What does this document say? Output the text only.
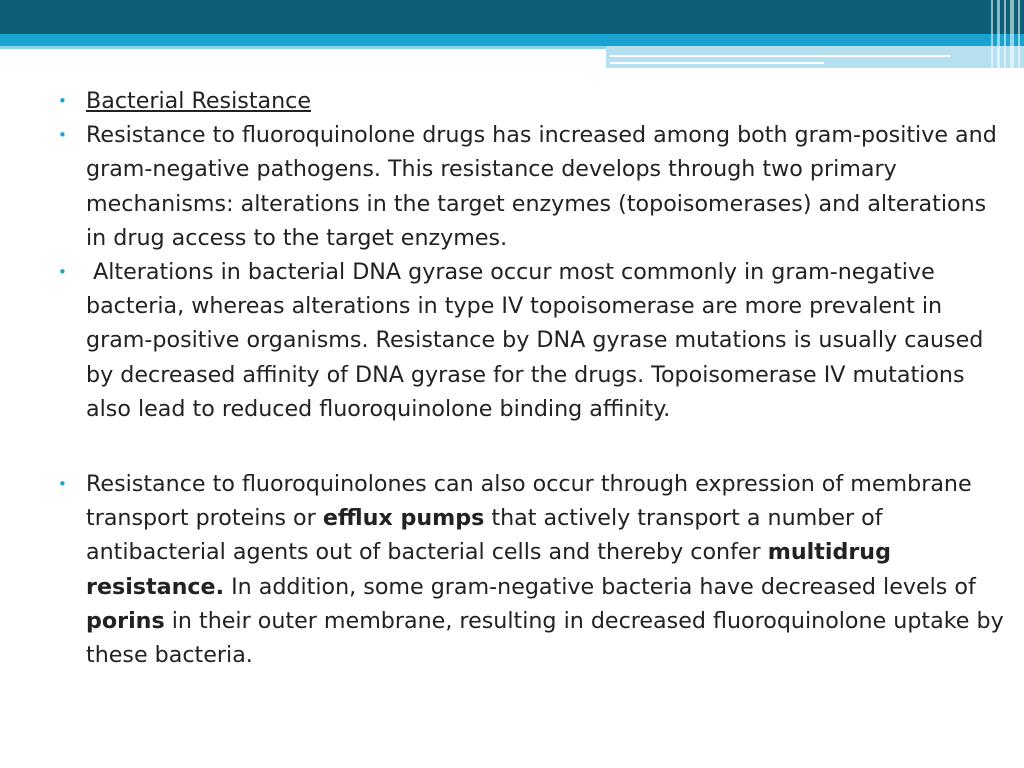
• Bacterial Resistance
• Resistance to fluoroquinolone drugs has increased among both gram-positive and gram-negative pathogens. This resistance develops through two primary mechanisms: alterations in the target enzymes (topoisomerases) and alterations in drug access to the target enzymes.
• Alterations in bacterial DNA gyrase occur most commonly in gram-negative bacteria, whereas alterations in type IV topoisomerase are more prevalent in gram-positive organisms. Resistance by DNA gyrase mutations is usually caused by decreased affinity of DNA gyrase for the drugs. Topoisomerase IV mutations also lead to reduced fluoroquinolone binding affinity.
• Resistance to fluoroquinolones can also occur through expression of membrane transport proteins or efflux pumps that actively transport a number of antibacterial agents out of bacterial cells and thereby confer multidrug resistance. In addition, some gram-negative bacteria have decreased levels of porins in their outer membrane, resulting in decreased fluoroquinolone uptake by these bacteria.
